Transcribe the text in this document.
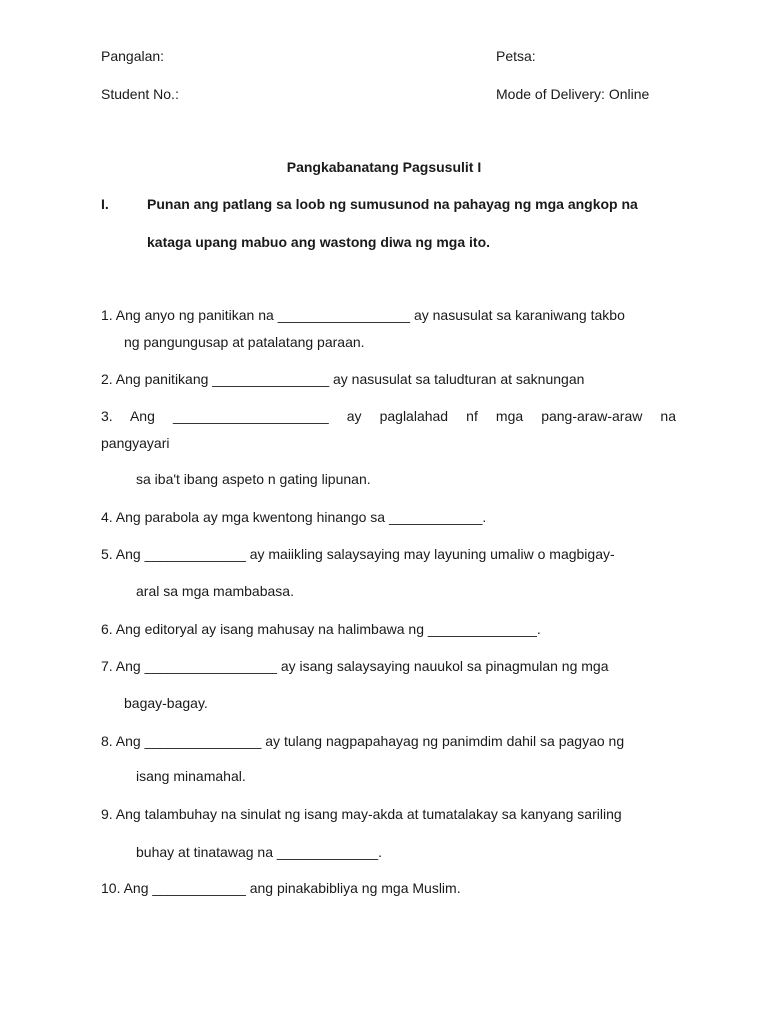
Pangalan:	Petsa:
Student No.:	Mode of Delivery: Online
Pangkabanatang Pagsusulit I
I.	Punan ang patlang sa loob ng sumusunod na pahayag ng mga angkop na
kataga upang mabuo ang wastong diwa ng mga ito.
1. Ang anyo ng panitikan na _________________ ay nasusulat sa karaniwang takbo
ng pangungusap at patalatang paraan.
2. Ang panitikang _______________ ay nasusulat sa taludturan at saknungan
3. Ang ____________________ ay paglalahad nf mga pang-araw-araw na
pangyayari
sa iba't ibang aspeto n gating lipunan.
4. Ang parabola ay mga kwentong hinango sa ____________.
5. Ang _____________ ay maiikling salaysaying may layuning umaliw o magbigay-
aral sa mga mambabasa.
6. Ang editoryal ay isang mahusay na halimbawa ng ______________.
7. Ang _________________ ay isang salaysaying nauukol sa pinagmulan ng mga
bagay-bagay.
8. Ang _______________ ay tulang nagpapahayag ng panimdim dahil sa pagyao ng
isang minamahal.
9. Ang talambuhay na sinulat ng isang may-akda at tumatalakay sa kanyang sariling
buhay at tinatawag na _____________.
10. Ang ____________ ang pinakabibliya ng mga Muslim.
